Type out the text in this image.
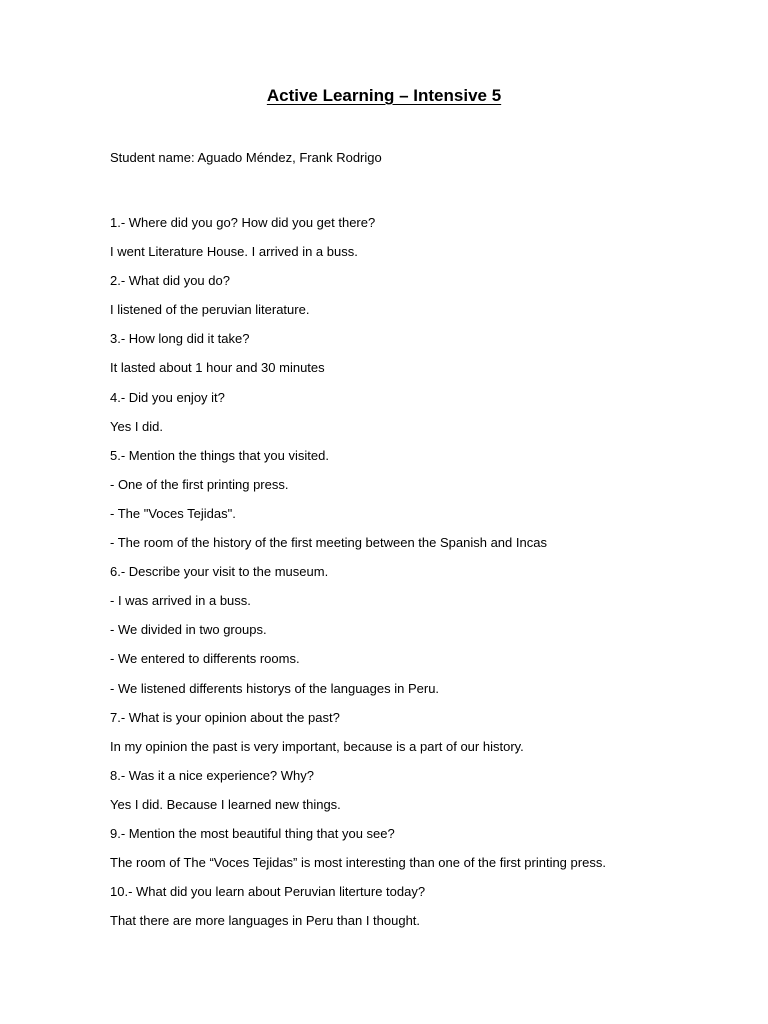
Active Learning – Intensive 5
Student name: Aguado Méndez, Frank Rodrigo
1.- Where did you go? How did you get there?
I went Literature House. I arrived in a buss.
2.- What did you do?
I listened of the peruvian literature.
3.- How long did it take?
It lasted about 1 hour and 30 minutes
4.- Did you enjoy it?
Yes I did.
5.- Mention the things that you visited.
- One of the first printing press.
- The "Voces Tejidas".
- The room of the history of the first meeting between the Spanish and Incas
6.- Describe your visit to the museum.
- I was arrived in a buss.
- We divided in two groups.
- We entered to differents rooms.
- We listened differents historys of the languages in Peru.
7.- What is your opinion about the past?
In my opinion the past is very important, because is a part of our history.
8.- Was it a nice experience? Why?
Yes I did. Because I learned new things.
9.- Mention the most beautiful thing that you see?
The room of The “Voces Tejidas” is most interesting than one of the first printing press.
10.- What did you learn about Peruvian literture today?
That there are more languages in Peru than I thought.
